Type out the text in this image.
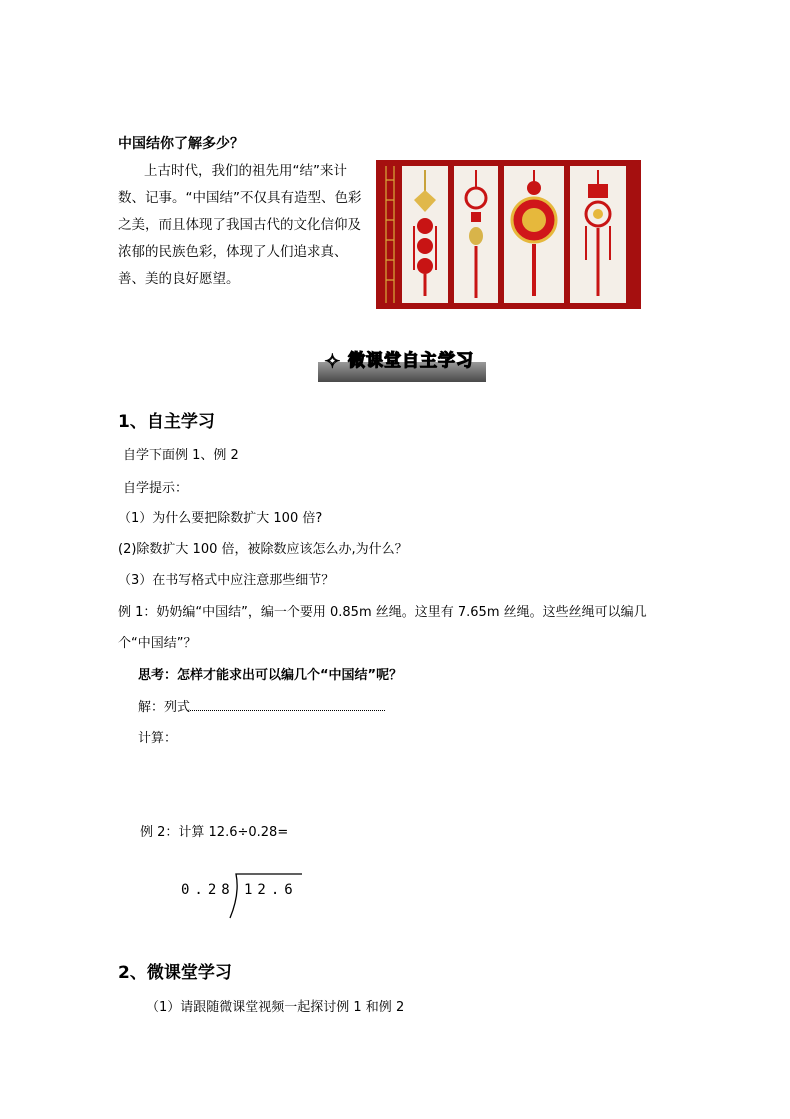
中国结你了解多少？
上古时代，我们的祖先用“结”来计数、记事。“中国结”不仅具有造型、色彩之美，而且体现了我国古代的文化信仰及浓郁的民族色彩，体现了人们追求真、善、美的良好愿望。
✧ 微课堂自主学习
1、自主学习
自学下面例 1、例 2
自学提示：
（1）为什么要把除数扩大 100 倍?
(2)除数扩大 100 倍，被除数应该怎么办,为什么？
（3）在书写格式中应注意那些细节？
例 1：奶奶编“中国结”，编一个要用 0.85m 丝绳。这里有 7.65m 丝绳。这些丝绳可以编几
个“中国结”？
思考：怎样才能求出可以编几个“中国结”呢？
解：列式
计算：
例 2：计算 12.6÷0.28=
0.28 12.6
2、微课堂学习
（1）请跟随微课堂视频一起探讨例 1 和例 2
